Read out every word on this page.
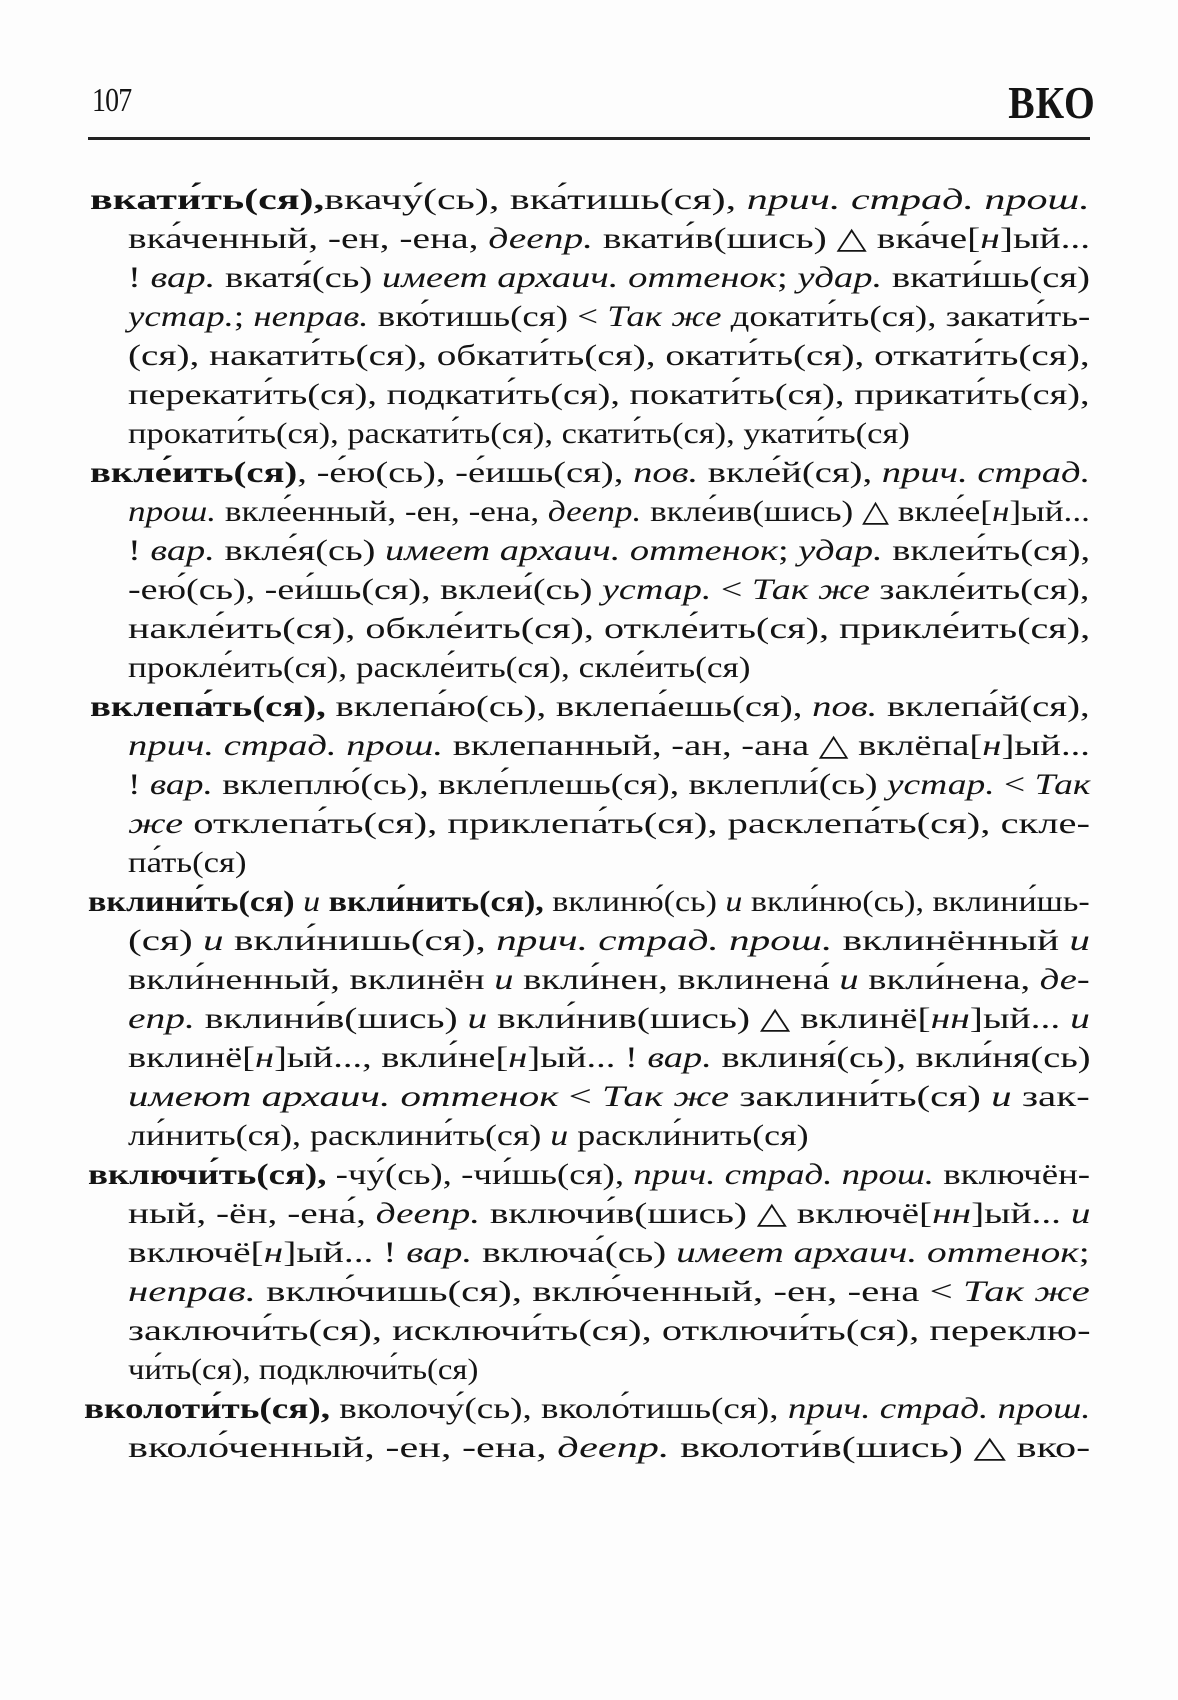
107	ВКО
вкати́ть(ся),вкачу́(сь), вка́тишь(ся), прич. страд. прош.
вка́ченный, -ен, -ена, деепр. вкати́в(шись) △ вка́че[н]ый...
! вар. вкатя́(сь) имеет архаич. оттенок; удар. вкати́шь(ся)
устар.; неправ. вко́тишь(ся) < Так же докати́ть(ся), закати́ть-
(ся), накати́ть(ся), обкати́ть(ся), окати́ть(ся), откати́ть(ся),
перекати́ть(ся), подкати́ть(ся), покати́ть(ся), прикати́ть(ся),
прокати́ть(ся), раскати́ть(ся), скати́ть(ся), укати́ть(ся)
вкле́ить(ся), -е́ю(сь), -е́ишь(ся), пов. вкле́й(ся), прич. страд.
прош. вкле́енный, -ен, -ена, деепр. вкле́ив(шись) △ вкле́е[н]ый...
! вар. вкле́я(сь) имеет архаич. оттенок; удар. вклеи́ть(ся),
-ею́(сь), -еи́шь(ся), вклеи́(сь) устар. < Так же закле́ить(ся),
накле́ить(ся), обкле́ить(ся), откле́ить(ся), прикле́ить(ся),
прокле́ить(ся), раскле́ить(ся), скле́ить(ся)
вклепа́ть(ся), вклепа́ю(сь), вклепа́ешь(ся), пов. вклепа́й(ся),
прич. страд. прош. вклепанный, -ан, -ана △ вклёпа[н]ый...
! вар. вклеплю́(сь), вкле́плешь(ся), вклепли́(сь) устар. < Так
же отклепа́ть(ся), приклепа́ть(ся), расклепа́ть(ся), скле-
па́ть(ся)
вклини́ть(ся) и вкли́нить(ся), вклиню́(сь) и вкли́ню(сь), вклини́шь-
(ся) и вкли́нишь(ся), прич. страд. прош. вклинённый и
вкли́ненный, вклинён и вкли́нен, вклинена́ и вкли́нена, де-
епр. вклини́в(шись) и вкли́нив(шись) △ вклинё[нн]ый... и
вклинё[н]ый..., вкли́не[н]ый... ! вар. вклиня́(сь), вкли́ня(сь)
имеют архаич. оттенок < Так же заклини́ть(ся) и зак-
ли́нить(ся), расклини́ть(ся) и раскли́нить(ся)
включи́ть(ся), -чу́(сь), -чи́шь(ся), прич. страд. прош. включён-
ный, -ён, -ена́, деепр. включи́в(шись) △ включё[нн]ый... и
включё[н]ый... ! вар. включа́(сь) имеет архаич. оттенок;
неправ. вклю́чишь(ся), вклю́ченный, -ен, -ена < Так же
заключи́ть(ся), исключи́ть(ся), отключи́ть(ся), переклю-
чи́ть(ся), подключи́ть(ся)
вколоти́ть(ся), вколочу́(сь), вколо́тишь(ся), прич. страд. прош.
вколо́ченный, -ен, -ена, деепр. вколоти́в(шись) △ вко-
